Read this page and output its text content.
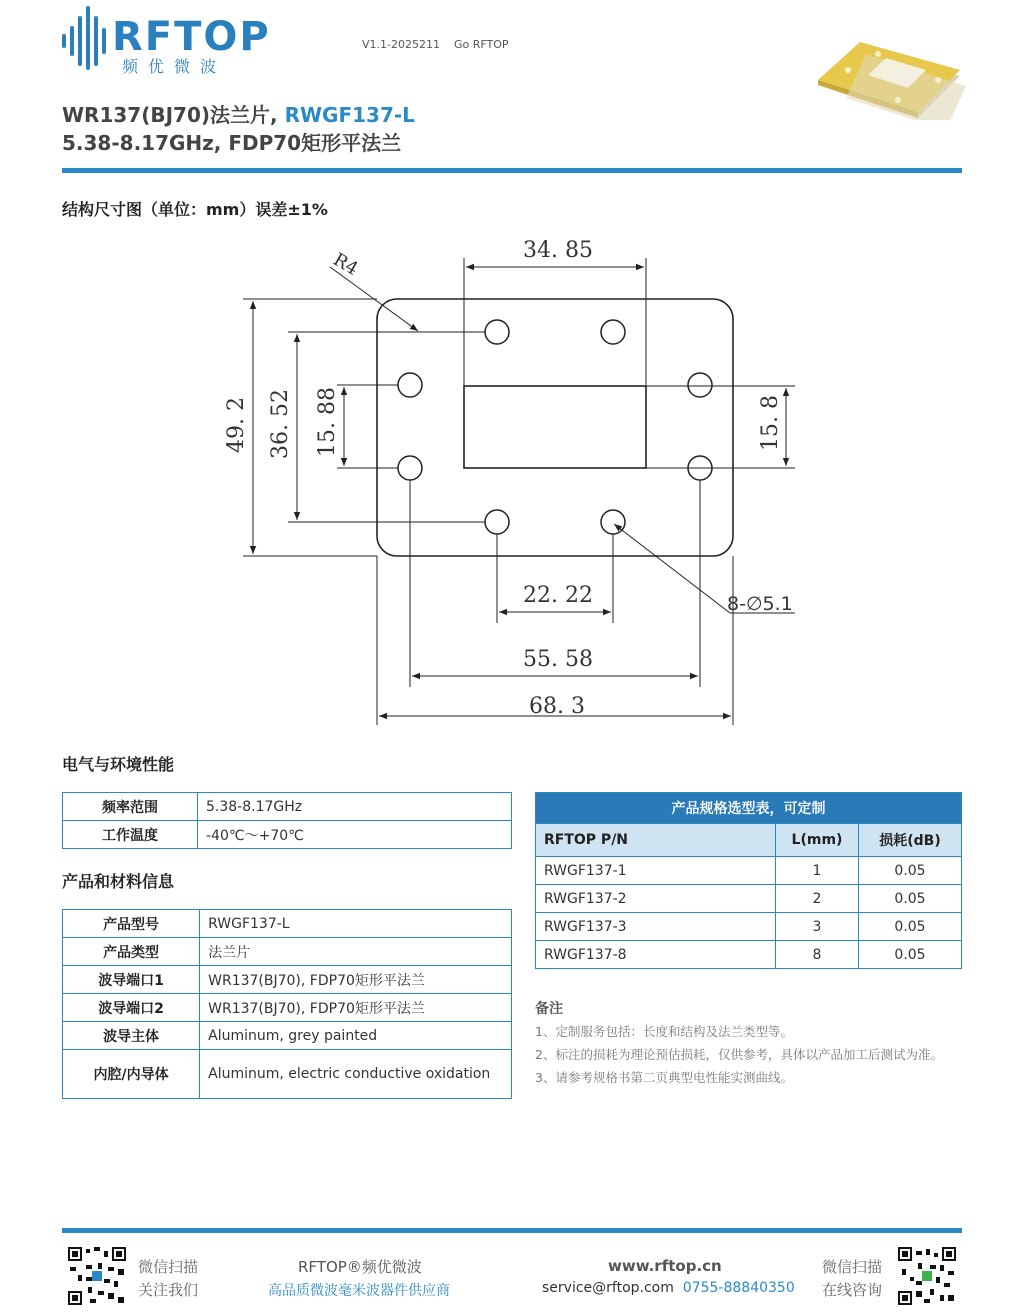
RFTOP
频优微波
V1.1-2025211 Go RFTOP
WR137(BJ70)法兰片, RWGF137-L
5.38-8.17GHz, FDP70矩形平法兰
结构尺寸图（单位：mm）误差±1%
34. 85
R4
49. 2 36. 52 15. 88	15. 8
22. 22	8-∅5.1
55. 58
68. 3
电气与环境性能
频率范围	5.38-8.17GHz
工作温度	-40℃～+70℃
产品和材料信息
产品型号	RWGF137-L
产品类型	法兰片
波导端口1	WR137(BJ70), FDP70矩形平法兰
波导端口2	WR137(BJ70), FDP70矩形平法兰
波导主体	Aluminum, grey painted
内腔/内导体	Aluminum, electric conductive oxidation
产品规格选型表，可定制		
RFTOP P/N	L(mm)	损耗(dB)
RWGF137-1	1	0.05
RWGF137-2	2	0.05
RWGF137-3	3	0.05
RWGF137-8	8	0.05
备注
1、定制服务包括：长度和结构及法兰类型等。
2、标注的损耗为理论预估损耗，仅供参考，具体以产品加工后测试为准。
3、请参考规格书第二页典型电性能实测曲线。
微信扫描
关注我们
RFTOP®频优微波
高品质微波毫米波器件供应商
www.rftop.cn
service@rftop.com 0755-88840350
微信扫描
在线咨询
